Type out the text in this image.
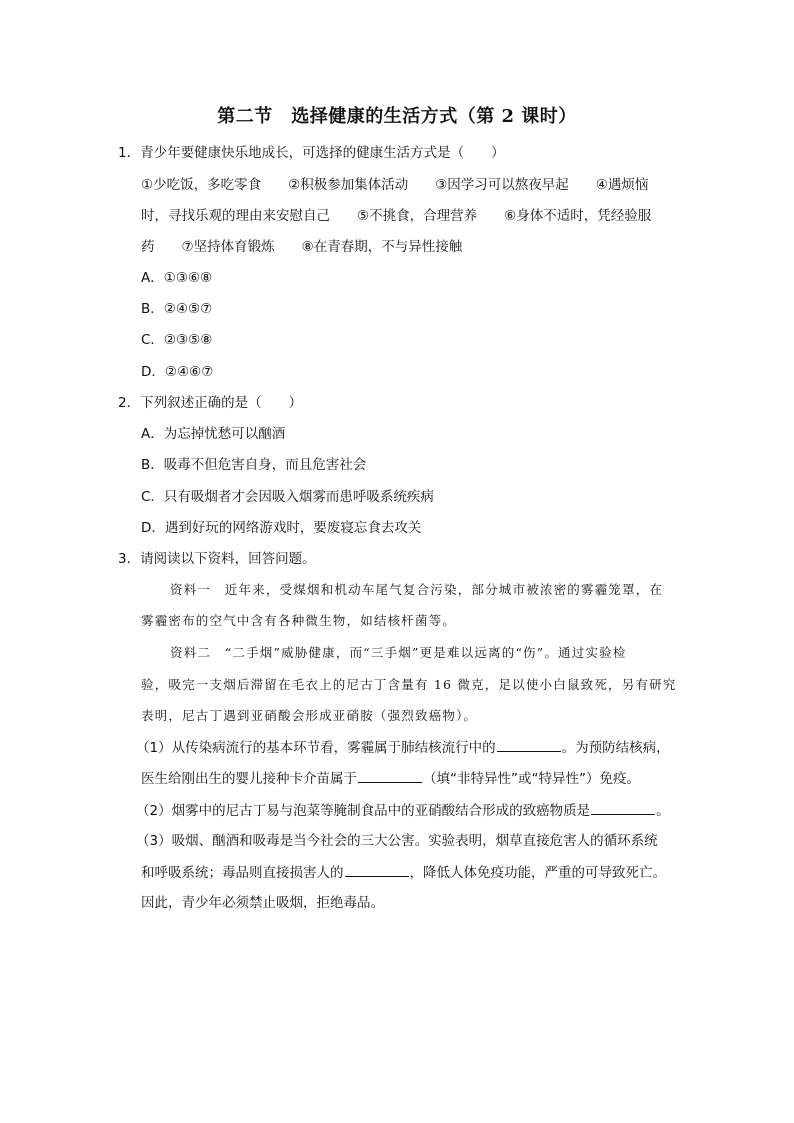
第二节　选择健康的生活方式（第 2 课时）
1．青少年要健康快乐地成长，可选择的健康生活方式是（　　）
①少吃饭，多吃零食　　②积极参加集体活动　　③因学习可以熬夜早起　　④遇烦恼
时，寻找乐观的理由来安慰自己　　⑤不挑食，合理营养　　⑥身体不适时，凭经验服
药　　⑦坚持体育锻炼　　⑧在青春期，不与异性接触
A．①③⑥⑧
B．②④⑤⑦
C．②③⑤⑧
D．②④⑥⑦
2．下列叙述正确的是（　　）
A．为忘掉忧愁可以酗酒
B．吸毒不但危害自身，而且危害社会
C．只有吸烟者才会因吸入烟雾而患呼吸系统疾病
D．遇到好玩的网络游戏时，要废寝忘食去攻关
3．请阅读以下资料，回答问题。
资料一　近年来，受煤烟和机动车尾气复合污染，部分城市被浓密的雾霾笼罩，在
雾霾密布的空气中含有各种微生物，如结核杆菌等。
资料二　“二手烟”威胁健康，而“三手烟”更是难以远离的“伤”。通过实验检
验，吸完一支烟后滞留在毛衣上的尼古丁含量有 16 微克，足以使小白鼠致死，另有研究
表明，尼古丁遇到亚硝酸会形成亚硝胺（强烈致癌物）。
（1）从传染病流行的基本环节看，雾霾属于肺结核流行中的	。为预防结核病，
医生给刚出生的婴儿接种卡介苗属于	（填“非特异性”或“特异性”）免疫。
（2）烟雾中的尼古丁易与泡菜等腌制食品中的亚硝酸结合形成的致癌物质是	。
（3）吸烟、酗酒和吸毒是当今社会的三大公害。实验表明，烟草直接危害人的循环系统
和呼吸系统；毒品则直接损害人的	，降低人体免疫功能，严重的可导致死亡。
因此，青少年必须禁止吸烟，拒绝毒品。
